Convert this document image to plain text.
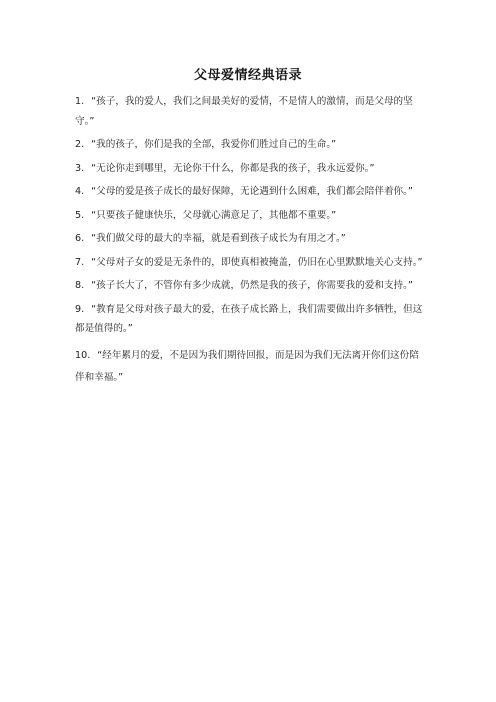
父母爱情经典语录
1. “孩子，我的爱人，我们之间最美好的爱情，不是情人的激情，而是父母的坚守。”
2. “我的孩子，你们是我的全部，我爱你们胜过自己的生命。”
3. “无论你走到哪里，无论你干什么，你都是我的孩子，我永远爱你。”
4. “父母的爱是孩子成长的最好保障，无论遇到什么困难，我们都会陪伴着你。”
5. “只要孩子健康快乐，父母就心满意足了，其他都不重要。”
6. “我们做父母的最大的幸福，就是看到孩子成长为有用之才。”
7. “父母对子女的爱是无条件的，即使真相被掩盖，仍旧在心里默默地关心支持。”
8. “孩子长大了，不管你有多少成就，仍然是我的孩子，你需要我的爱和支持。”
9. “教育是父母对孩子最大的爱，在孩子成长路上，我们需要做出许多牺牲，但这都是值得的。”
10. “经年累月的爱，不是因为我们期待回报，而是因为我们无法离开你们这份陪伴和幸福。”
